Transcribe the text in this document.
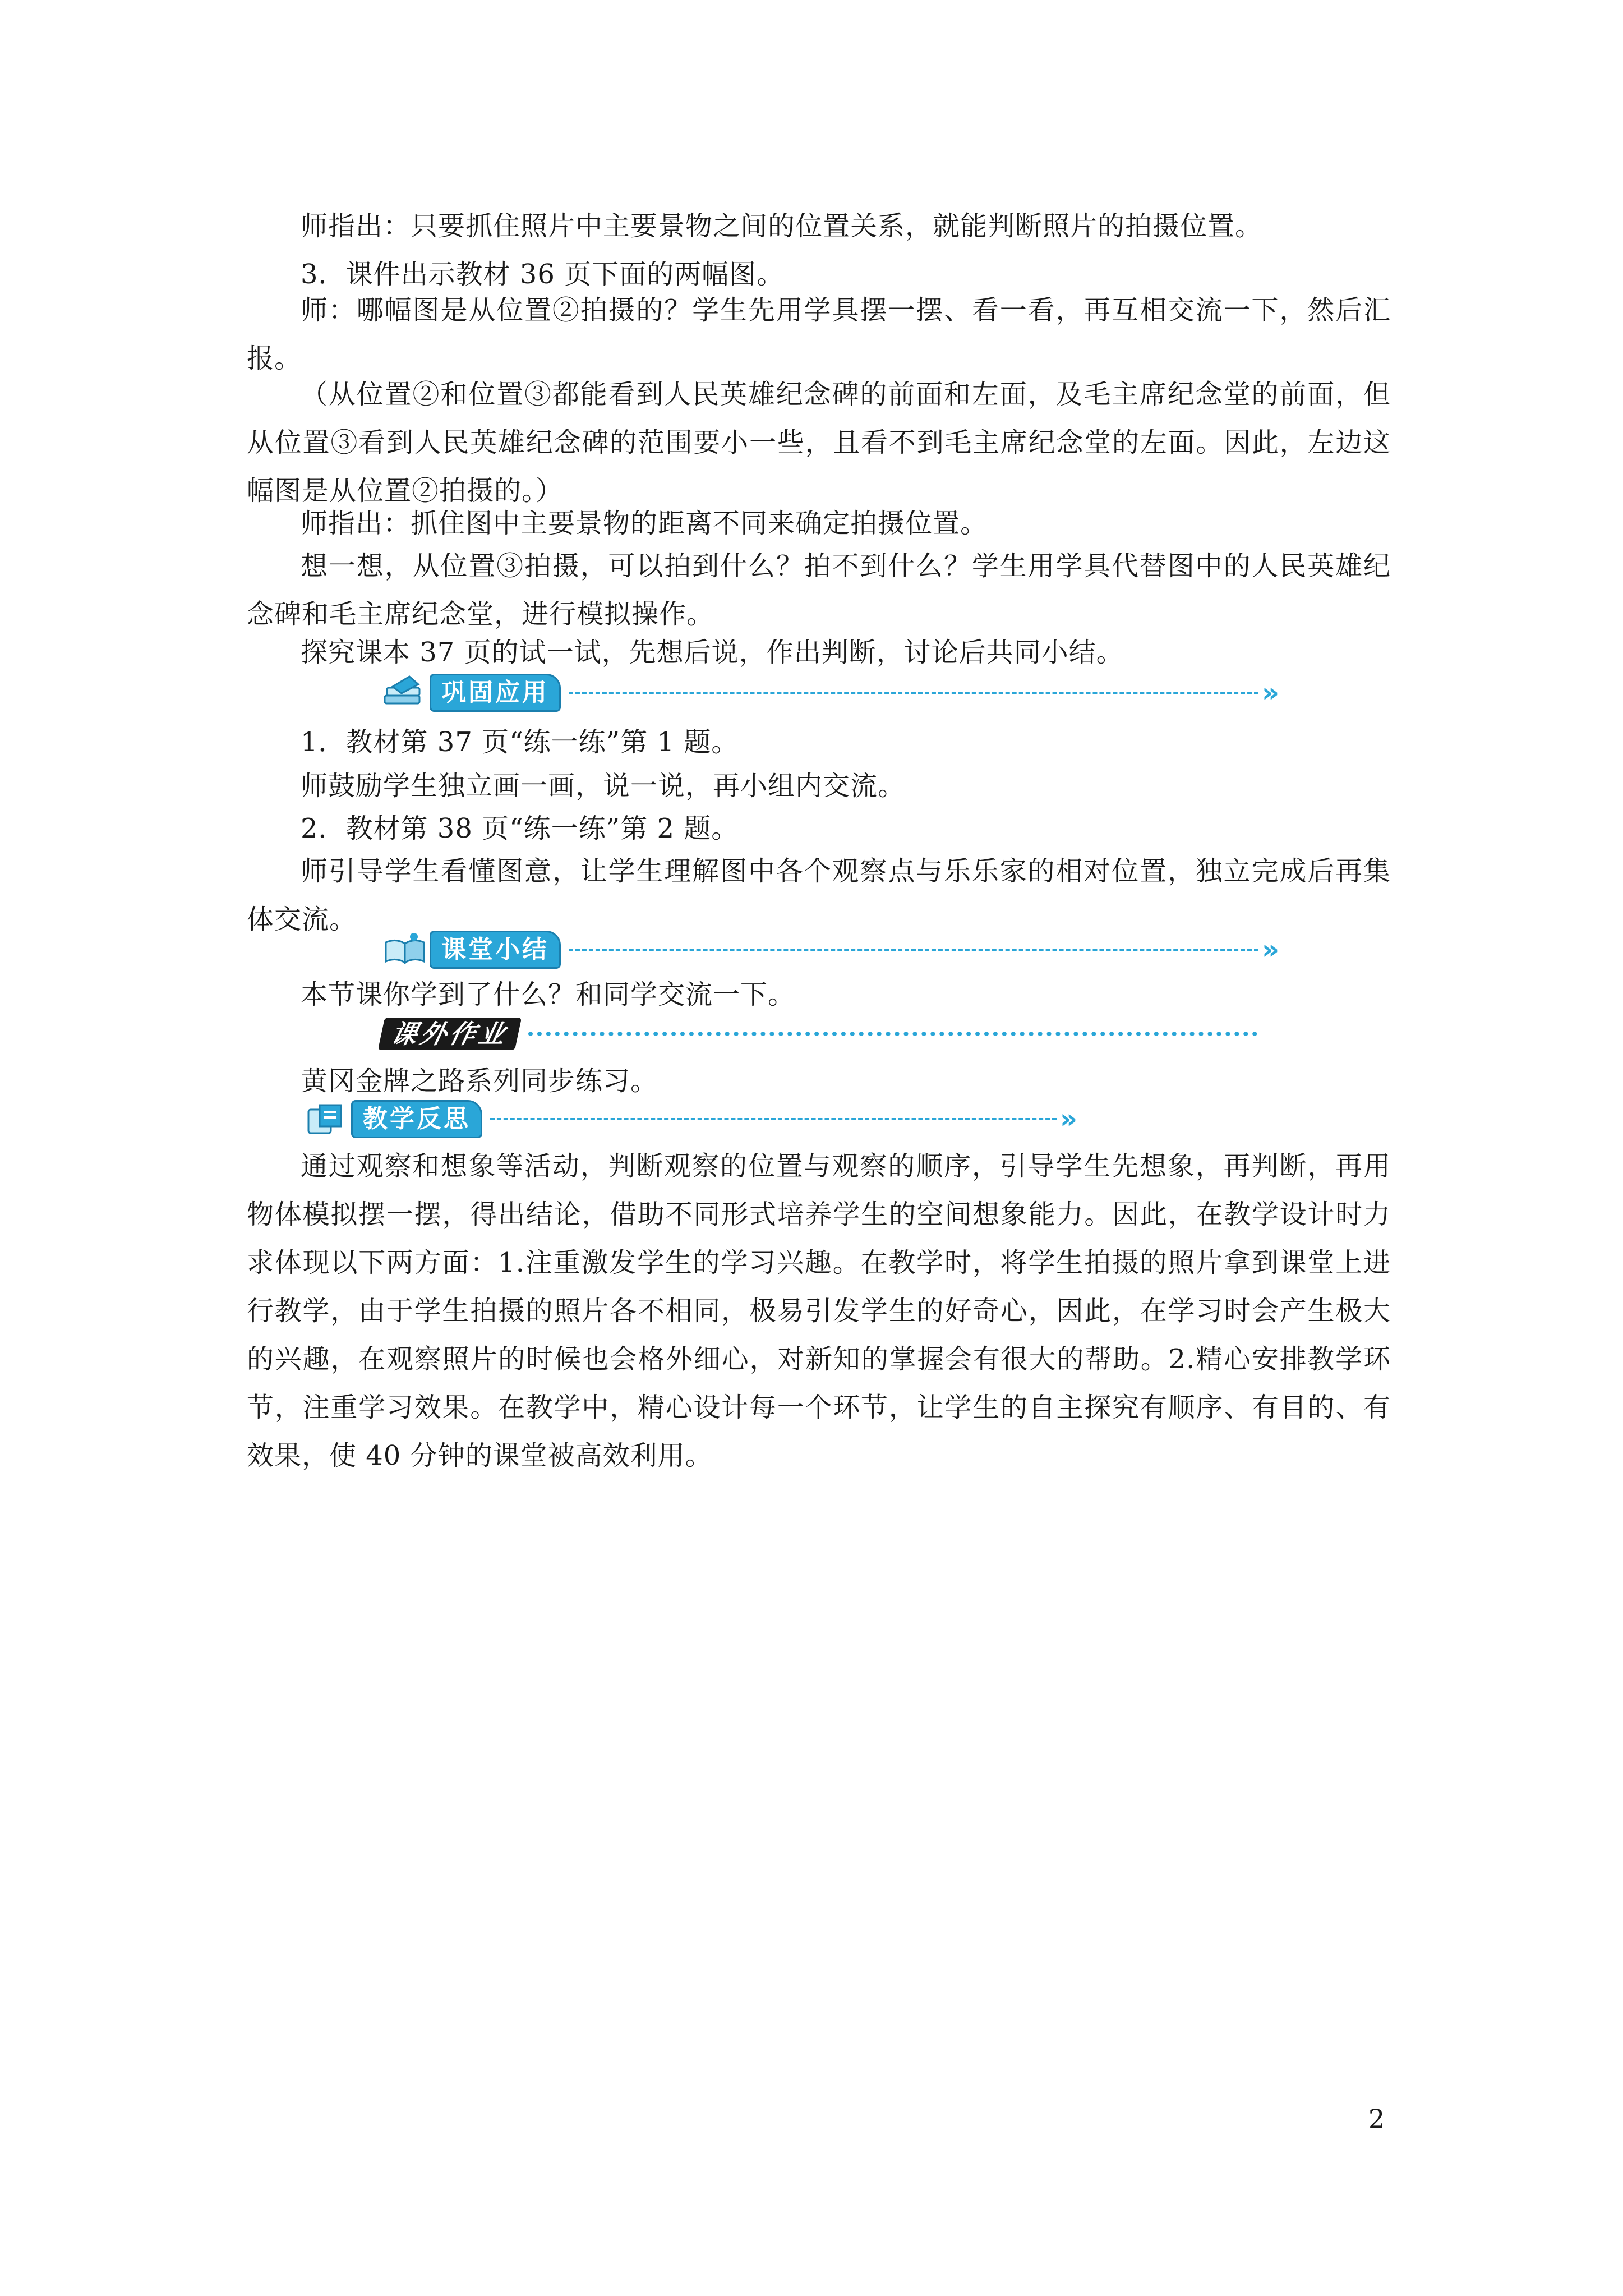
师指出：只要抓住照片中主要景物之间的位置关系，就能判断照片的拍摄位置。

3．课件出示教材 36 页下面的两幅图。

师：哪幅图是从位置②拍摄的？学生先用学具摆一摆、看一看，再互相交流一下，然后汇报。

（从位置②和位置③都能看到人民英雄纪念碑的前面和左面，及毛主席纪念堂的前面，但从位置③看到人民英雄纪念碑的范围要小一些，且看不到毛主席纪念堂的左面。因此，左边这幅图是从位置②拍摄的。）

师指出：抓住图中主要景物的距离不同来确定拍摄位置。

想一想，从位置③拍摄，可以拍到什么？拍不到什么？学生用学具代替图中的人民英雄纪念碑和毛主席纪念堂，进行模拟操作。

探究课本 37 页的试一试，先想后说，作出判断，讨论后共同小结。

巩固应用	»

1．教材第 37 页“练一练”第 1 题。

师鼓励学生独立画一画，说一说，再小组内交流。

2．教材第 38 页“练一练”第 2 题。

师引导学生看懂图意，让学生理解图中各个观察点与乐乐家的相对位置，独立完成后再集体交流。

课堂小结	»

本节课你学到了什么？和同学交流一下。

课外作业

黄冈金牌之路系列同步练习。

教学反思	»

通过观察和想象等活动，判断观察的位置与观察的顺序，引导学生先想象，再判断，再用物体模拟摆一摆，得出结论，借助不同形式培养学生的空间想象能力。因此，在教学设计时力求体现以下两方面：1.注重激发学生的学习兴趣。在教学时，将学生拍摄的照片拿到课堂上进行教学，由于学生拍摄的照片各不相同，极易引发学生的好奇心，因此，在学习时会产生极大的兴趣，在观察照片的时候也会格外细心，对新知的掌握会有很大的帮助。2.精心安排教学环节，注重学习效果。在教学中，精心设计每一个环节，让学生的自主探究有顺序、有目的、有效果，使 40 分钟的课堂被高效利用。

2
